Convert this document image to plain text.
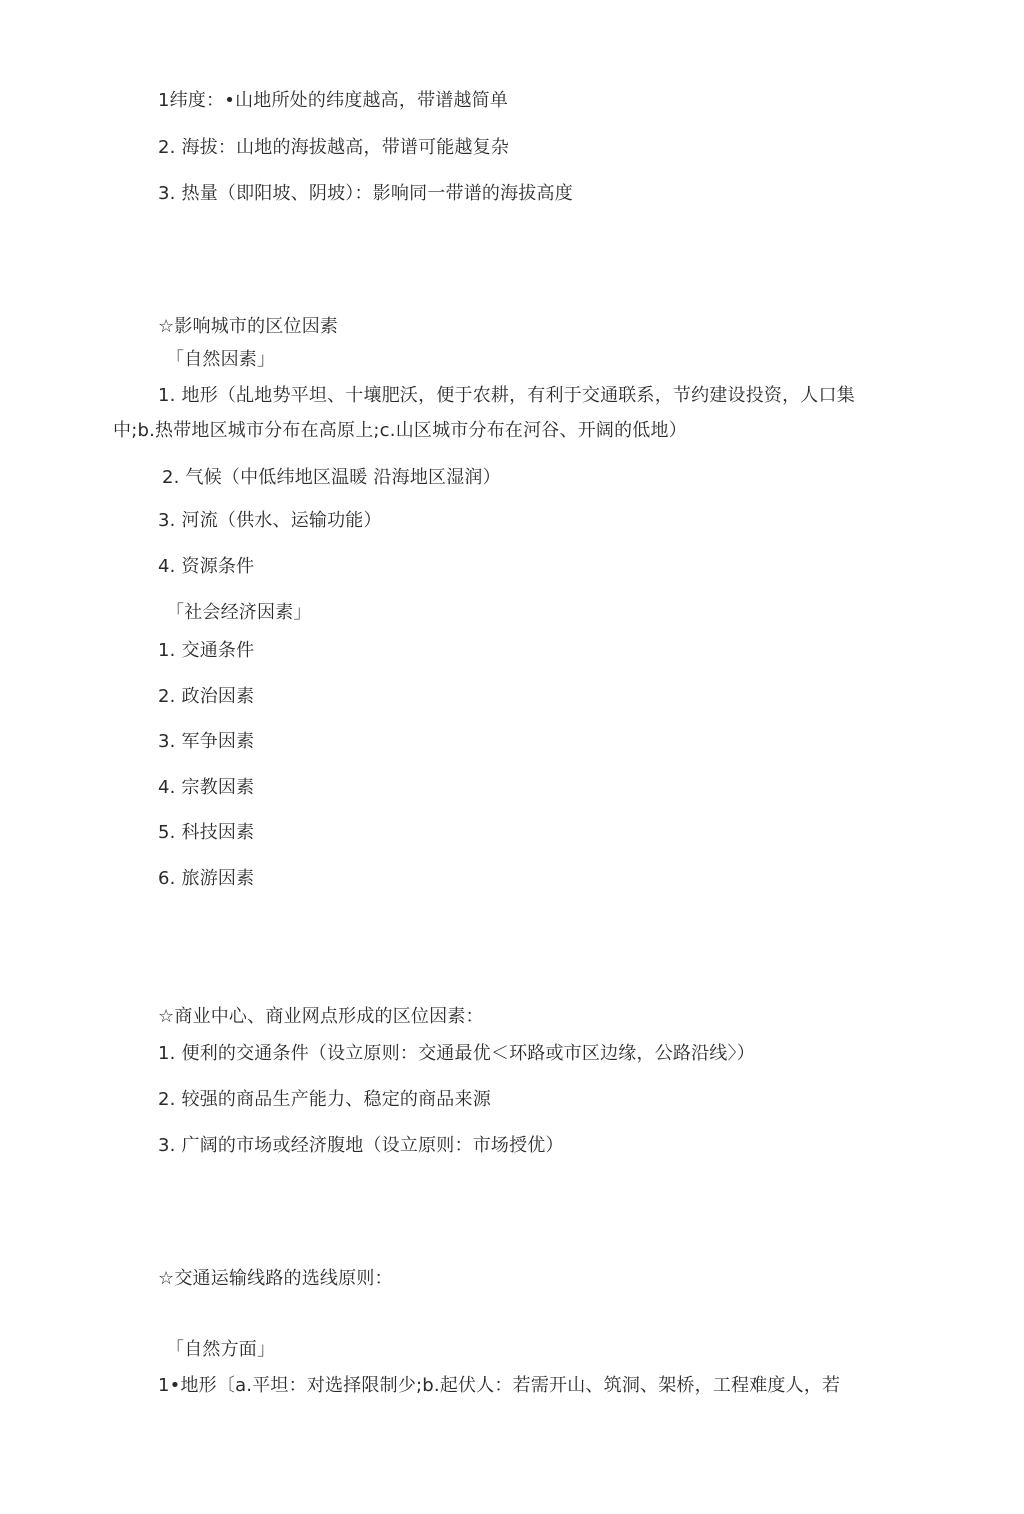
1纬度：•山地所处的纬度越高，带谱越简单
2. 海拔：山地的海拔越高，带谱可能越复杂
3. 热量（即阳坡、阴坡）：影响同一带谱的海拔高度
☆影响城市的区位因素
「自然因素」
1. 地形（乩地势平坦、十壤肥沃，便于农耕，有利于交通联系，节约建设投资，人口集
中;b.热带地区城市分布在高原上;c.山区城市分布在河谷、开阔的低地）
2. 气候（中低纬地区温暖 沿海地区湿润）
3. 河流（供水、运输功能）
4. 资源条件
「社会经济因素」
1. 交通条件
2. 政治因素
3. 军争因素
4. 宗教因素
5. 科技因素
6. 旅游因素
☆商业中心、商业网点形成的区位因素：
1. 便利的交通条件（设立原则：交通最优＜环路或市区边缘，公路沿线〉）
2. 较强的商品生产能力、稳定的商品来源
3. 广阔的市场或经济腹地（设立原则：市场授优）
☆交通运输线路的选线原则：
「自然方面」
1•地形〔a.平坦：对选择限制少;b.起伏人：若需开山、筑洞、架桥，工程难度人，若
